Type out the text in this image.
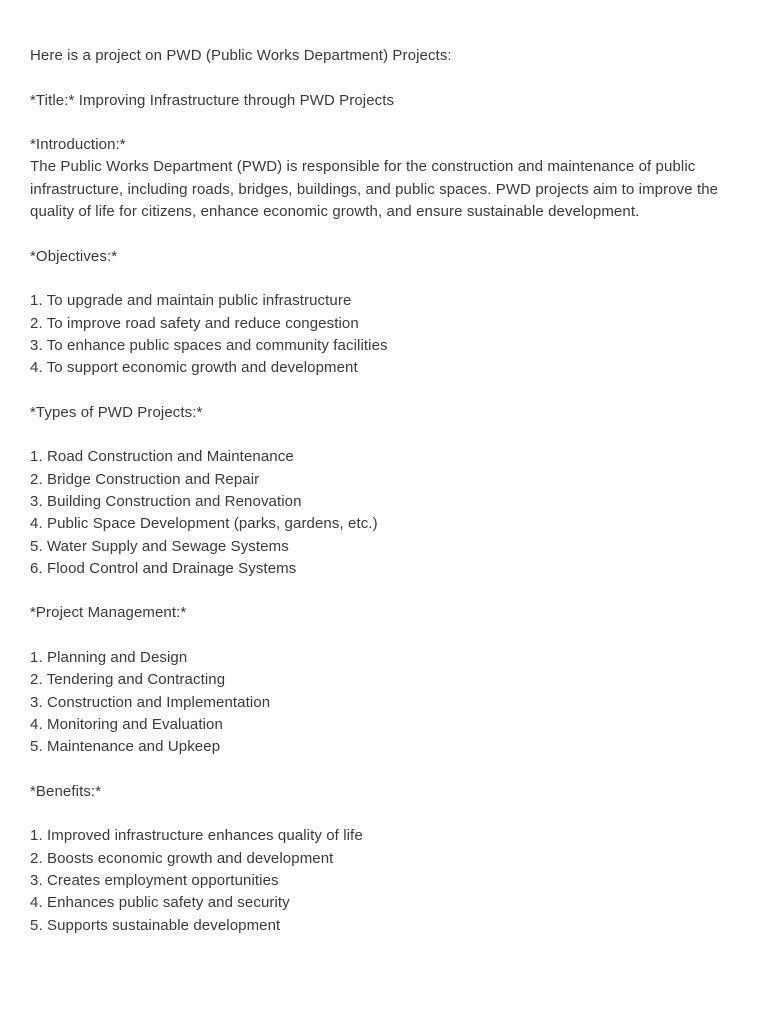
Here is a project on PWD (Public Works Department) Projects:

*Title:* Improving Infrastructure through PWD Projects

*Introduction:*

The Public Works Department (PWD) is responsible for the construction and maintenance of public infrastructure, including roads, bridges, buildings, and public spaces. PWD projects aim to improve the quality of life for citizens, enhance economic growth, and ensure sustainable development.

*Objectives:*

1. To upgrade and maintain public infrastructure
2. To improve road safety and reduce congestion
3. To enhance public spaces and community facilities
4. To support economic growth and development

*Types of PWD Projects:*

1. Road Construction and Maintenance
2. Bridge Construction and Repair
3. Building Construction and Renovation
4. Public Space Development (parks, gardens, etc.)
5. Water Supply and Sewage Systems
6. Flood Control and Drainage Systems

*Project Management:*

1. Planning and Design
2. Tendering and Contracting
3. Construction and Implementation
4. Monitoring and Evaluation
5. Maintenance and Upkeep

*Benefits:*

1. Improved infrastructure enhances quality of life
2. Boosts economic growth and development
3. Creates employment opportunities
4. Enhances public safety and security
5. Supports sustainable development
